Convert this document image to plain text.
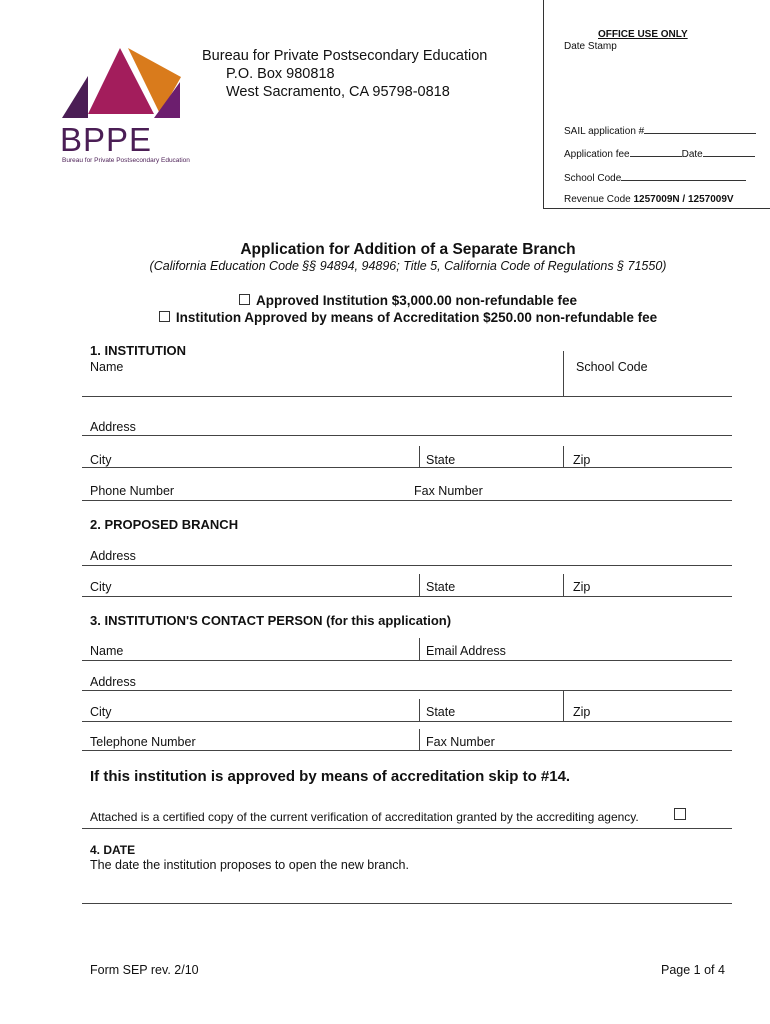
BPPE
Bureau for Private Postsecondary Education
Bureau for Private Postsecondary Education
P.O. Box 980818
West Sacramento, CA 95798-0818
OFFICE USE ONLY
Date Stamp
SAIL application #
Application fee	Date
School Code
Revenue Code 1257009N / 1257009V
Application for Addition of a Separate Branch
(California Education Code §§ 94894, 94896; Title 5, California Code of Regulations § 71550)
Approved Institution $3,000.00 non-refundable fee
Institution Approved by means of Accreditation $250.00 non-refundable fee
1. INSTITUTION
Name	School Code
Address
City	State	Zip
Phone Number	Fax Number
2. PROPOSED BRANCH
Address
City	State	Zip
3. INSTITUTION'S CONTACT PERSON (for this application)
Name	Email Address
Address
City	State	Zip
Telephone Number	Fax Number
If this institution is approved by means of accreditation skip to #14.
Attached is a certified copy of the current verification of accreditation granted by the accrediting agency.
4. DATE
The date the institution proposes to open the new branch.
Form SEP rev. 2/10	Page 1 of 4
